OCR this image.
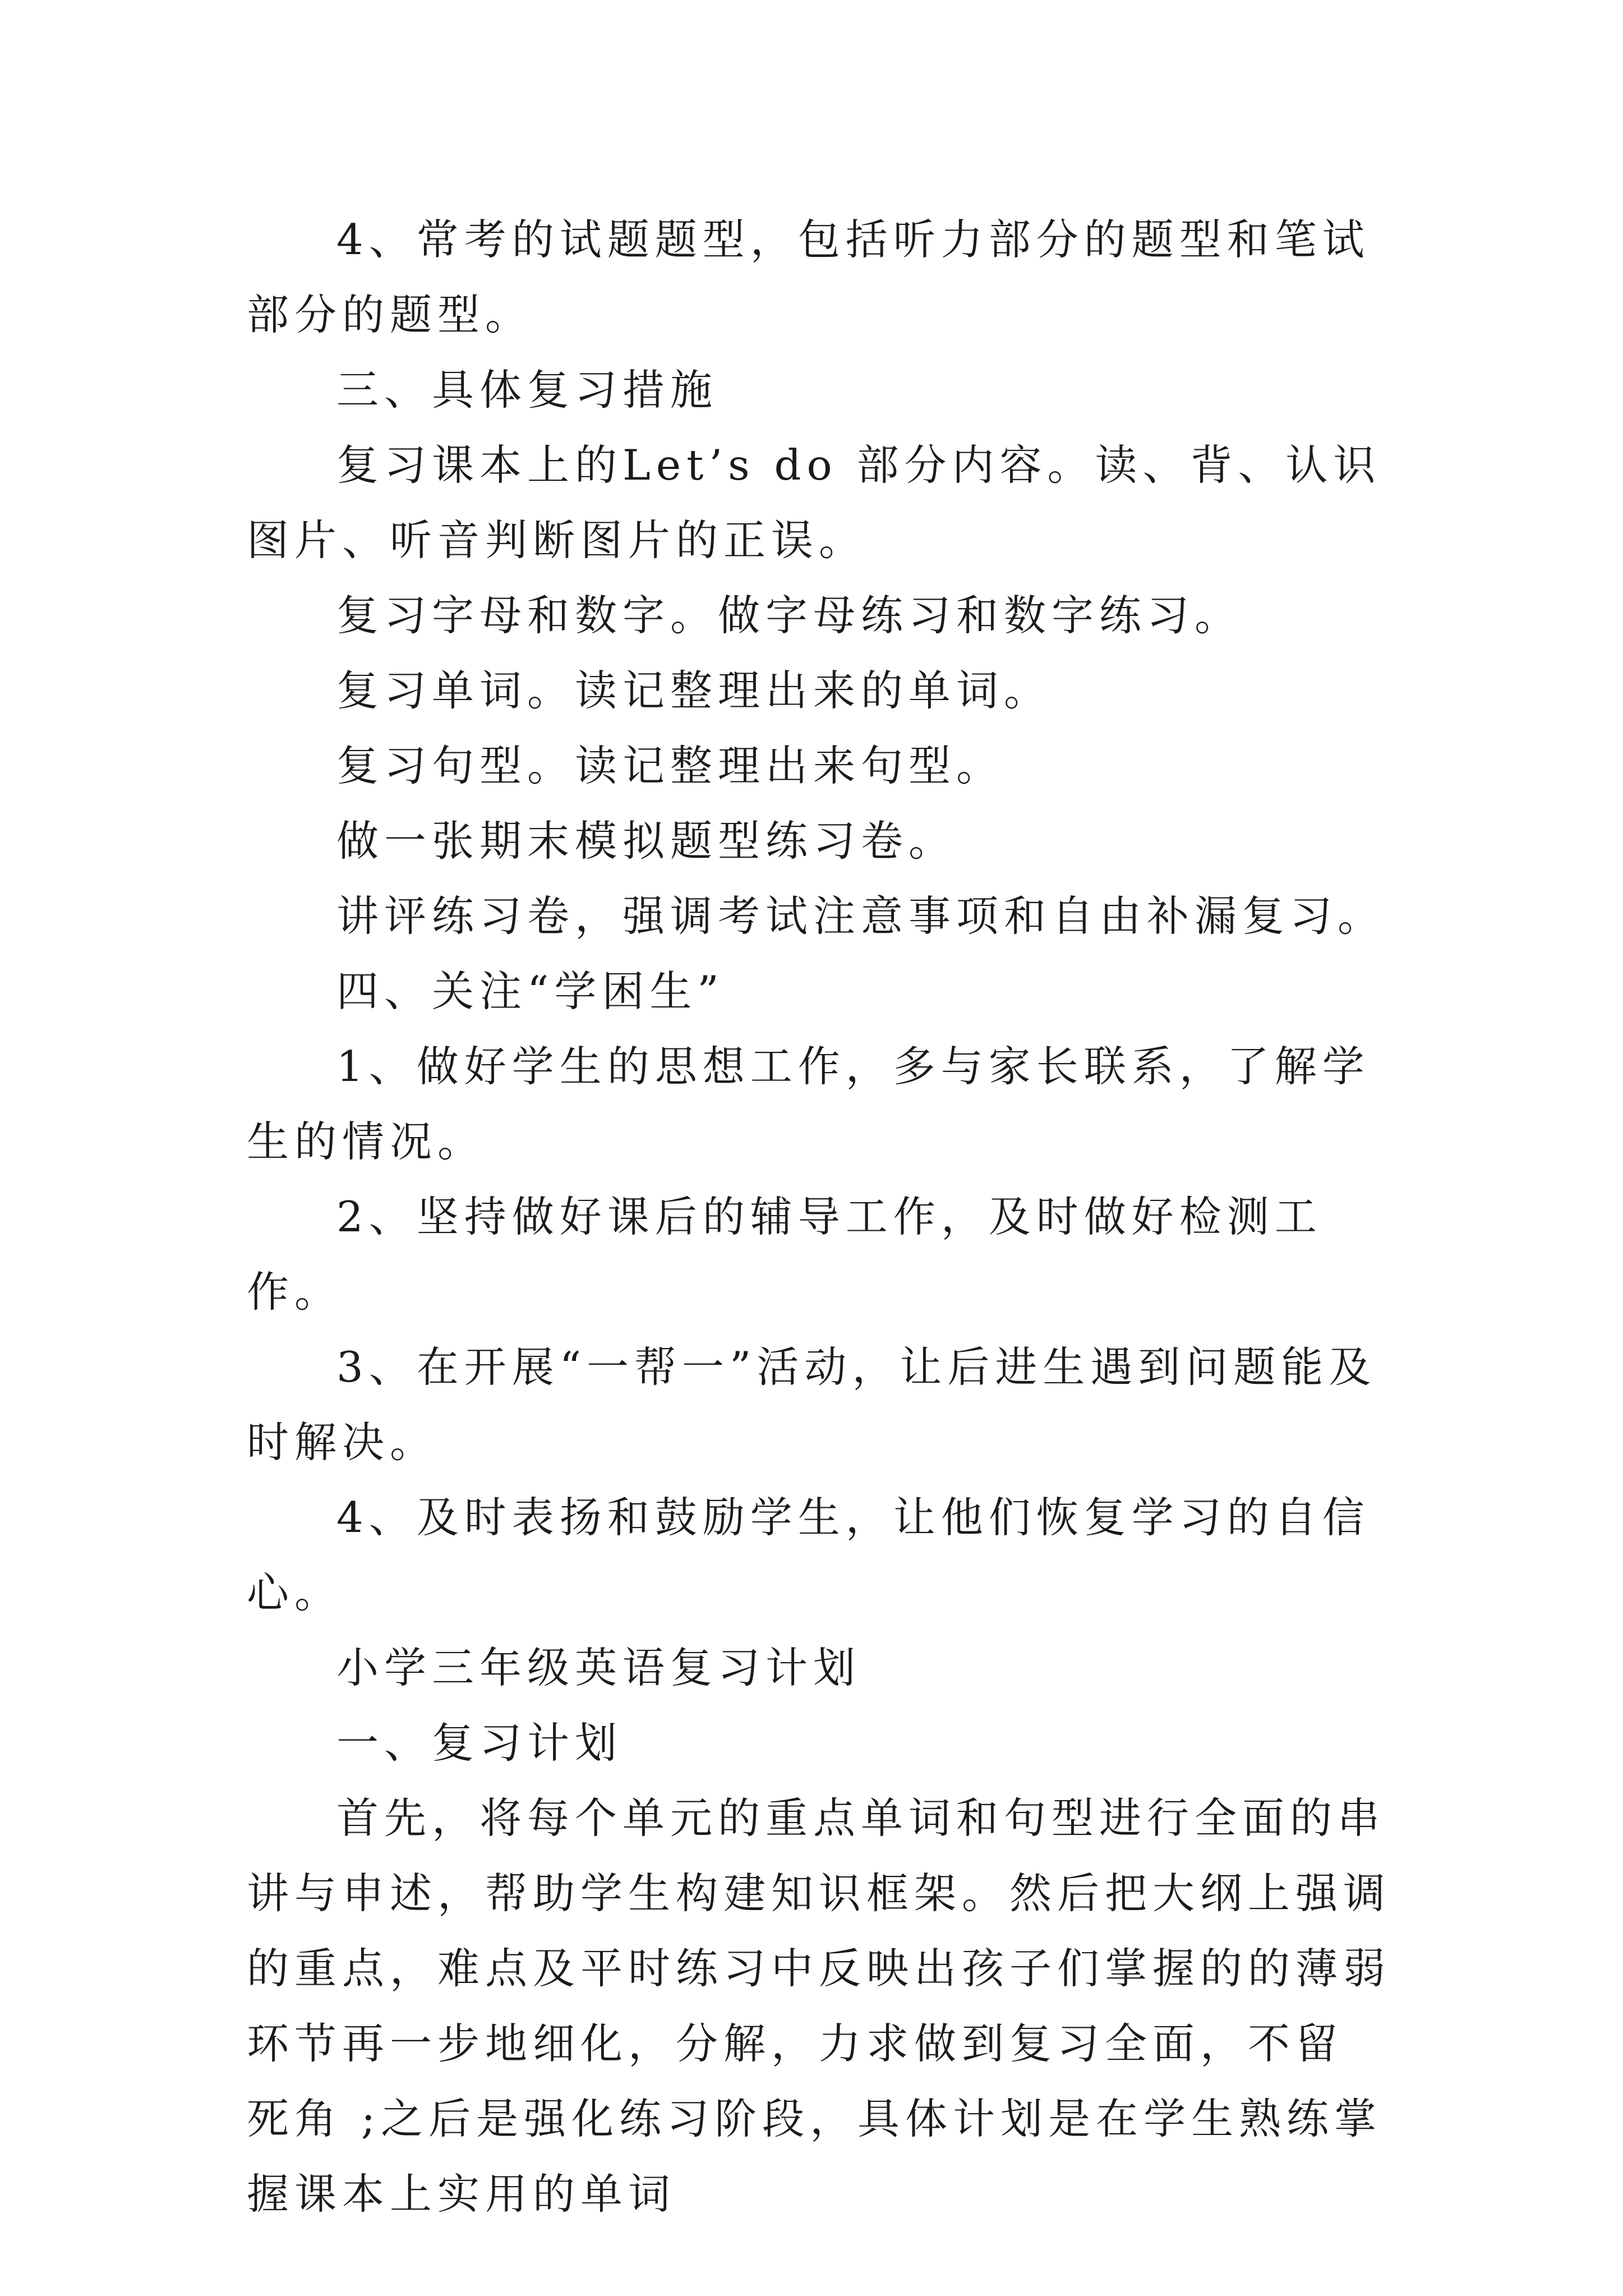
4、常考的试题题型，包括听力部分的题型和笔试部分的题型。

三、具体复习措施

复习课本上的Let’s do 部分内容。读、背、认识图片、听音判断图片的正误。

复习字母和数字。做字母练习和数字练习。

复习单词。读记整理出来的单词。

复习句型。读记整理出来句型。

做一张期末模拟题型练习卷。

讲评练习卷，强调考试注意事项和自由补漏复习。

四、关注“学困生”

1、做好学生的思想工作，多与家长联系，了解学生的情况。

2、坚持做好课后的辅导工作，及时做好检测工作。

3、在开展“一帮一”活动，让后进生遇到问题能及时解决。

4、及时表扬和鼓励学生，让他们恢复学习的自信心。

小学三年级英语复习计划

一、复习计划

首先，将每个单元的重点单词和句型进行全面的串讲与申述，帮助学生构建知识框架。然后把大纲上强调的重点，难点及平时练习中反映出孩子们掌握的的薄弱环节再一步地细化，分解，力求做到复习全面，不留 死角 ;之后是强化练习阶段，具体计划是在学生熟练掌握课本上实用的单词
